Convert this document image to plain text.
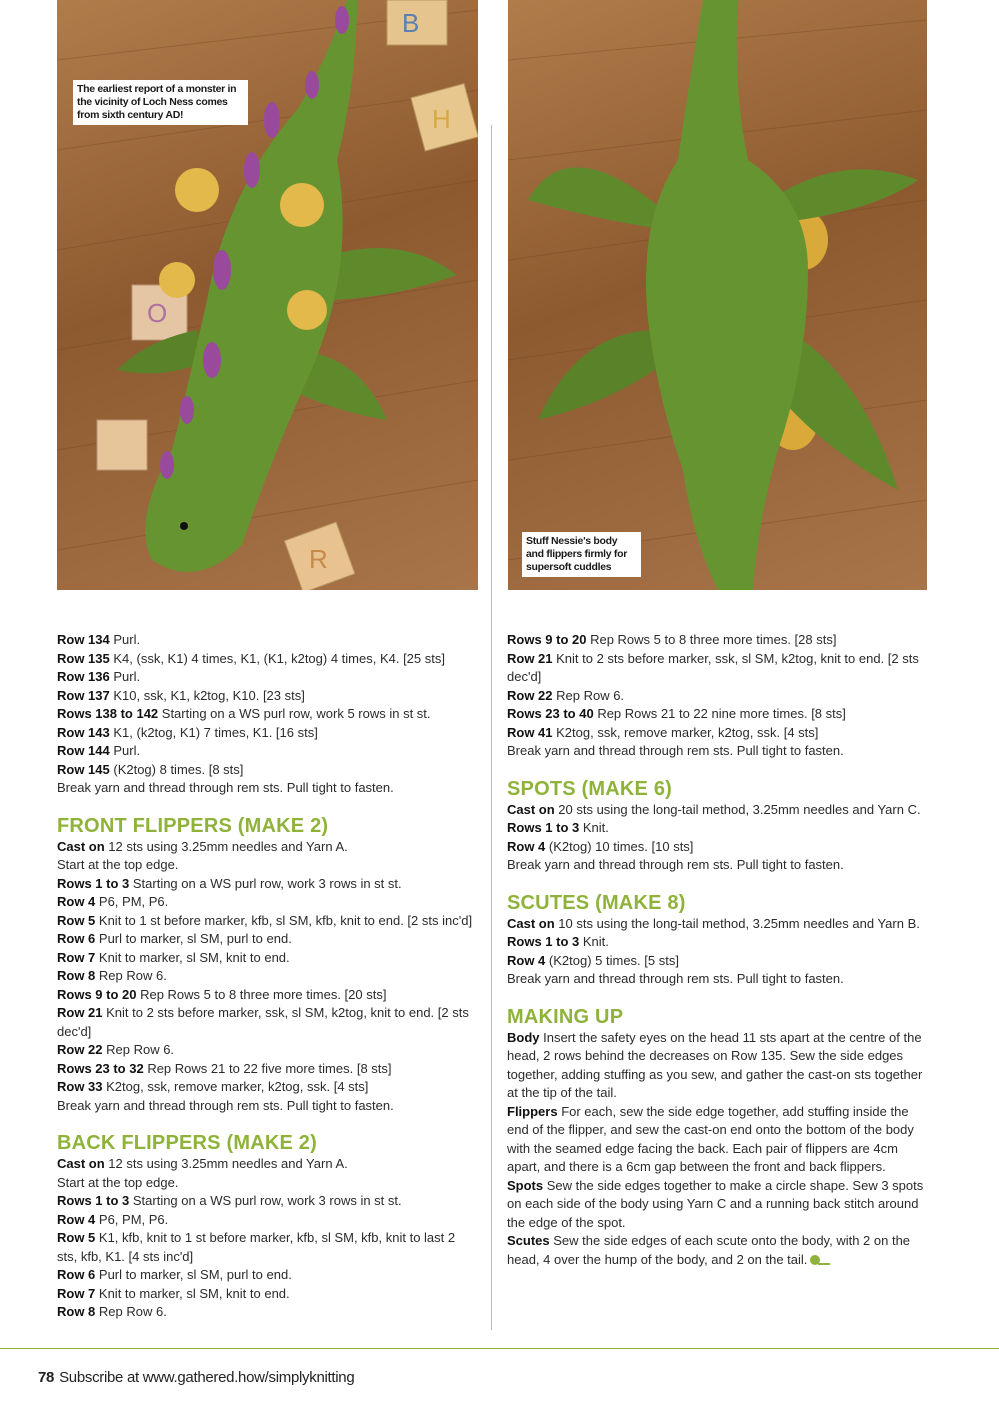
B
H
O
R
The earliest report of a monster in the vicinity of Loch Ness comes from sixth century AD!
Stuff Nessie's body and flippers firmly for supersoft cuddles

Row 134 Purl.

Row 135 K4, (ssk, K1) 4 times, K1, (K1, k2tog) 4 times, K4. [25 sts]

Row 136 Purl.

Row 137 K10, ssk, K1, k2tog, K10. [23 sts]

Rows 138 to 142 Starting on a WS purl row, work 5 rows in st st.

Row 143 K1, (k2tog, K1) 7 times, K1. [16 sts]

Row 144 Purl.

Row 145 (K2tog) 8 times. [8 sts]

Break yarn and thread through rem sts. Pull tight to fasten.

FRONT FLIPPERS (MAKE 2)

Cast on 12 sts using 3.25mm needles and Yarn A.

Start at the top edge.

Rows 1 to 3 Starting on a WS purl row, work 3 rows in st st.

Row 4 P6, PM, P6.

Row 5 Knit to 1 st before marker, kfb, sl SM, kfb, knit to end. [2 sts inc'd]

Row 6 Purl to marker, sl SM, purl to end.

Row 7 Knit to marker, sl SM, knit to end.

Row 8 Rep Row 6.

Rows 9 to 20 Rep Rows 5 to 8 three more times. [20 sts]

Row 21 Knit to 2 sts before marker, ssk, sl SM, k2tog, knit to end. [2 sts dec'd]

Row 22 Rep Row 6.

Rows 23 to 32 Rep Rows 21 to 22 five more times. [8 sts]

Row 33 K2tog, ssk, remove marker, k2tog, ssk. [4 sts]

Break yarn and thread through rem sts. Pull tight to fasten.

BACK FLIPPERS (MAKE 2)

Cast on 12 sts using 3.25mm needles and Yarn A.

Start at the top edge.

Rows 1 to 3 Starting on a WS purl row, work 3 rows in st st.

Row 4 P6, PM, P6.

Row 5 K1, kfb, knit to 1 st before marker, kfb, sl SM, kfb, knit to last 2 sts, kfb, K1. [4 sts inc'd]

Row 6 Purl to marker, sl SM, purl to end.

Row 7 Knit to marker, sl SM, knit to end.

Row 8 Rep Row 6.

Rows 9 to 20 Rep Rows 5 to 8 three more times. [28 sts]

Row 21 Knit to 2 sts before marker, ssk, sl SM, k2tog, knit to end. [2 sts dec'd]

Row 22 Rep Row 6.

Rows 23 to 40 Rep Rows 21 to 22 nine more times. [8 sts]

Row 41 K2tog, ssk, remove marker, k2tog, ssk. [4 sts]

Break yarn and thread through rem sts. Pull tight to fasten.

SPOTS (MAKE 6)

Cast on 20 sts using the long-tail method, 3.25mm needles and Yarn C.

Rows 1 to 3 Knit.

Row 4 (K2tog) 10 times. [10 sts]

Break yarn and thread through rem sts. Pull tight to fasten.

SCUTES (MAKE 8)

Cast on 10 sts using the long-tail method, 3.25mm needles and Yarn B.

Rows 1 to 3 Knit.

Row 4 (K2tog) 5 times. [5 sts]

Break yarn and thread through rem sts. Pull tight to fasten.

MAKING UP

Body Insert the safety eyes on the head 11 sts apart at the centre of the head, 2 rows behind the decreases on Row 135. Sew the side edges together, adding stuffing as you sew, and gather the cast-on sts together at the tip of the tail.

Flippers For each, sew the side edge together, add stuffing inside the end of the flipper, and sew the cast-on end onto the bottom of the body with the seamed edge facing the back. Each pair of flippers are 4cm apart, and there is a 6cm gap between the front and back flippers.

Spots Sew the side edges together to make a circle shape. Sew 3 spots on each side of the body using Yarn C and a running back stitch around the edge of the spot.

Scutes Sew the side edges of each scute onto the body, with 2 on the head, 4 over the hump of the body, and 2 on the tail.

78 Subscribe at www.gathered.how/simplyknitting
